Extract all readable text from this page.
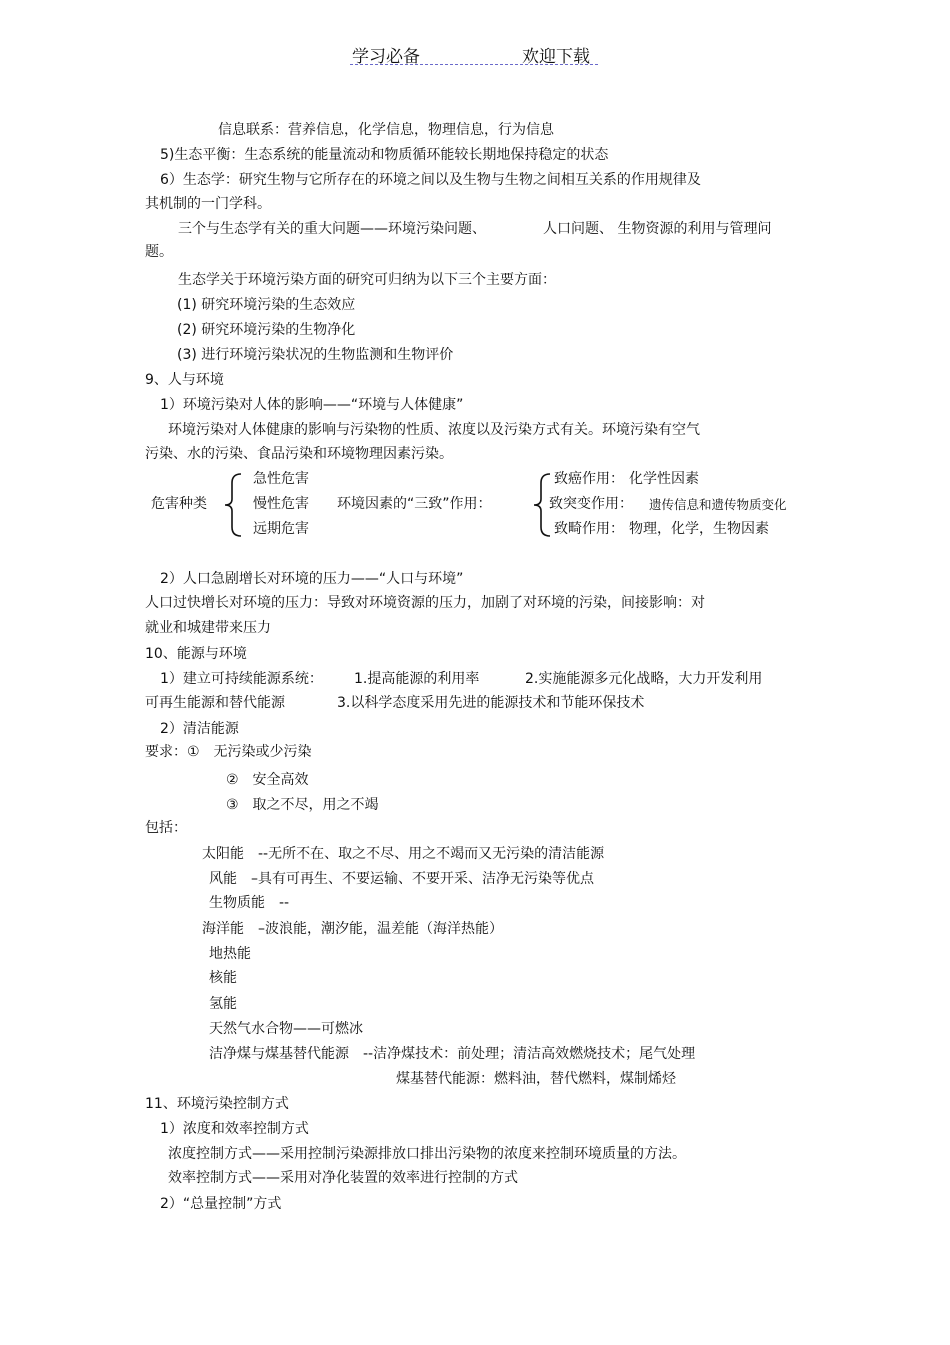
学习必备	欢迎下载
信息联系：营养信息，化学信息，物理信息，行为信息
5)生态平衡：生态系统的能量流动和物质循环能较长期地保持稳定的状态
6）生态学：研究生物与它所存在的环境之间以及生物与生物之间相互关系的作用规律及
其机制的一门学科。
三个与生态学有关的重大问题——环境污染问题、	人口问题、 生物资源的利用与管理问
题。
生态学关于环境污染方面的研究可归纳为以下三个主要方面：
(1) 研究环境污染的生态效应
(2) 研究环境污染的生物净化
(3) 进行环境污染状况的生物监测和生物评价
9、人与环境
1）环境污染对人体的影响——“环境与人体健康”
环境污染对人体健康的影响与污染物的性质、浓度以及污染方式有关。环境污染有空气
污染、水的污染、食品污染和环境物理因素污染。
危害种类
急性危害
慢性危害
远期危害
环境因素的“三致”作用：
致癌作用： 化学性因素
致突变作用： 遗传信息和遗传物质变化
致畸作用： 物理，化学，生物因素
2）人口急剧增长对环境的压力——“人口与环境”
人口过快增长对环境的压力：导致对环境资源的压力，加剧了对环境的污染，间接影响：对
就业和城建带来压力
10、能源与环境
1）建立可持续能源系统： 1.提高能源的利用率	2.实施能源多元化战略，大力开发利用
可再生能源和替代能源	3.以科学态度采用先进的能源技术和节能环保技术
2）清洁能源
要求：①　无污染或少污染
②　安全高效
③　取之不尽，用之不竭
包括：
太阳能　--无所不在、取之不尽、用之不竭而又无污染的清洁能源
风能　–具有可再生、不要运输、不要开采、洁净无污染等优点
生物质能　--
海洋能　–波浪能，潮汐能，温差能（海洋热能）
地热能
核能
氢能
天然气水合物——可燃冰
洁净煤与煤基替代能源　--洁净煤技术：前处理；清洁高效燃烧技术；尾气处理
煤基替代能源：燃料油，替代燃料，煤制烯烃
11、环境污染控制方式
1）浓度和效率控制方式
浓度控制方式——采用控制污染源排放口排出污染物的浓度来控制环境质量的方法。
效率控制方式——采用对净化装置的效率进行控制的方式
2）“总量控制”方式
